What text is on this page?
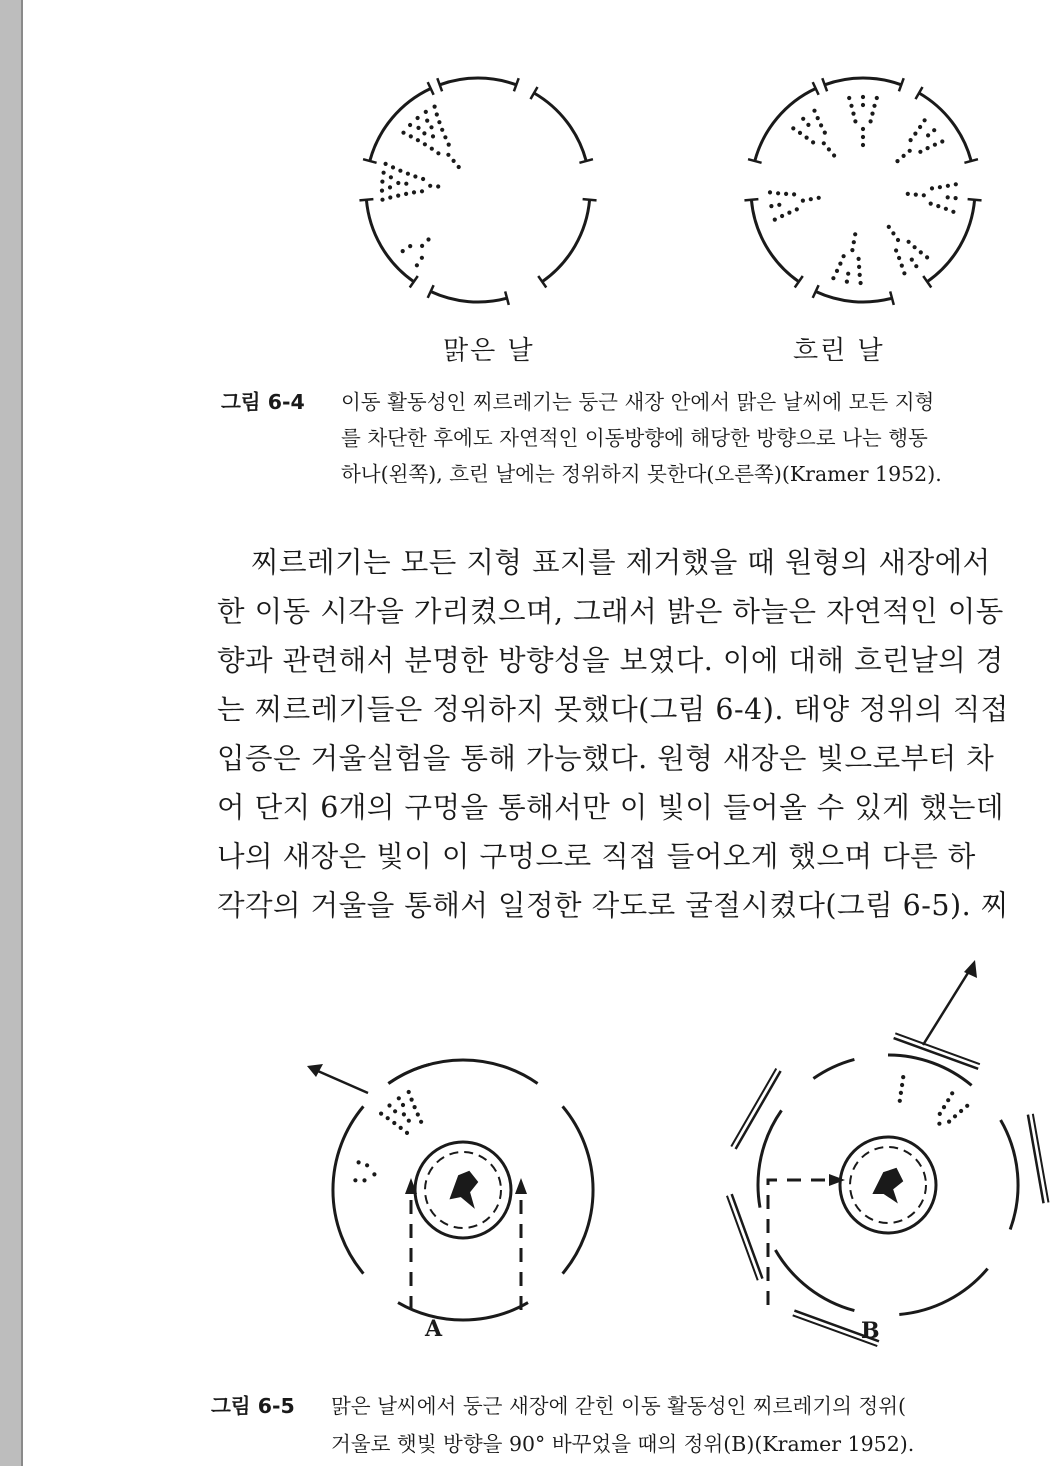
맑은 날	흐린 날
그림 6-4 이동 활동성인 찌르레기는 둥근 새장 안에서 맑은 날씨에 모든 지형
를 차단한 후에도 자연적인 이동방향에 해당한 방향으로 나는 행동
하나(왼쪽), 흐린 날에는 정위하지 못한다(오른쪽)(Kramer 1952).
찌르레기는 모든 지형 표지를 제거했을 때 원형의 새장에서
한 이동 시각을 가리켰으며, 그래서 밝은 하늘은 자연적인 이동
향과 관련해서 분명한 방향성을 보였다. 이에 대해 흐린날의 경
는 찌르레기들은 정위하지 못했다(그림 6-4). 태양 정위의 직접
입증은 거울실험을 통해 가능했다. 원형 새장은 빛으로부터 차
어 단지 6개의 구멍을 통해서만 이 빛이 들어올 수 있게 했는데
나의 새장은 빛이 이 구멍으로 직접 들어오게 했으며 다른 하
각각의 거울을 통해서 일정한 각도로 굴절시켰다(그림 6-5). 찌
A	B
그림 6-5 맑은 날씨에서 둥근 새장에 갇힌 이동 활동성인 찌르레기의 정위(
거울로 햇빛 방향을 90° 바꾸었을 때의 정위(B)(Kramer 1952).
